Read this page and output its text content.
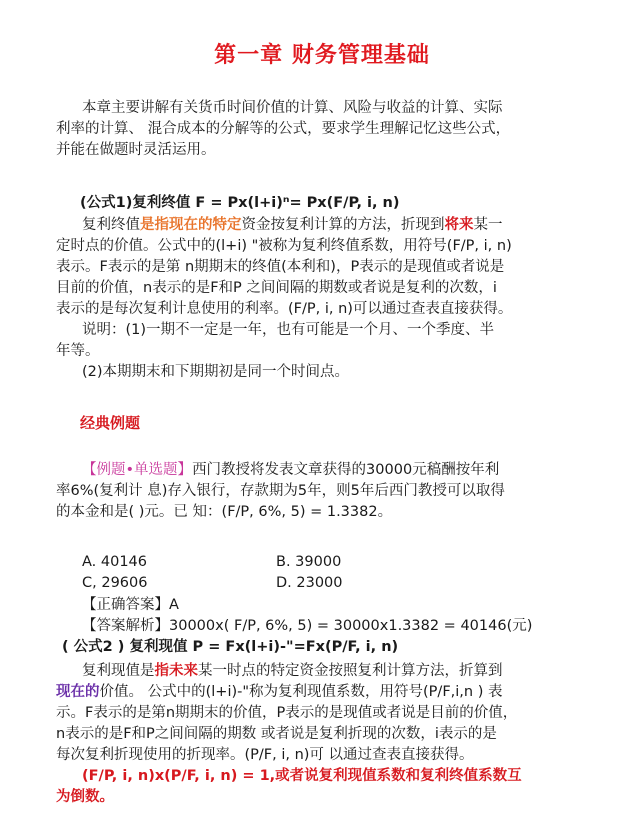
第一章 财务管理基础
本章主要讲解有关货币时间价值的计算、风险与收益的计算、实际
利率的计算、 混合成本的分解等的公式，要求学生理解记忆这些公式，
并能在做题时灵活运用。
(公式1)复利终值 F = Px(l+i)ⁿ= Px(F/P, i, n)
复利终值是指现在的特定资金按复利计算的方法，折现到将来某一
定时点的价值。公式中的(l+i) "被称为复利终值系数，用符号(F/P, i, n)
表示。F表示的是第 n期期末的终值(本利和)，P表示的是现值或者说是
目前的价值，n表示的是F和P 之间间隔的期数或者说是复利的次数，i
表示的是每次复利计息使用的利率。(F/P, i, n)可以通过查表直接获得。
说明：(1)一期不一定是一年，也有可能是一个月、一个季度、半
年等。
(2)本期期末和下期期初是同一个时间点。
经典例题
【例题•单选题】西门教授将发表文章获得的30000元稿酬按年利
率6%(复利计 息)存入银行，存款期为5年，则5年后西门教授可以取得
的本金和是( )元。已 知：(F/P, 6%, 5) = 1.3382。
A. 40146	B. 39000
C, 29606	D. 23000
【正确答案】A
【答案解析】30000x( F/P, 6%, 5) = 30000x1.3382 = 40146(元)
( 公式2 ) 复利现值 P = Fx(l+i)-"=Fx(P/F, i, n)
复利现值是指未来某一时点的特定资金按照复利计算方法，折算到
现在的价值。 公式中的(l+i)-"称为复利现值系数，用符号(P/F,i,n ) 表
示。F表示的是第n期期末的价值，P表示的是现值或者说是目前的价值，
n表示的是F和P之间间隔的期数 或者说是复利折现的次数，i表示的是
每次复利折现使用的折现率。(P/F, i, n)可 以通过查表直接获得。
(F/P, i, n)x(P/F, i, n) = 1,或者说复利现值系数和复利终值系数互
为倒数。
